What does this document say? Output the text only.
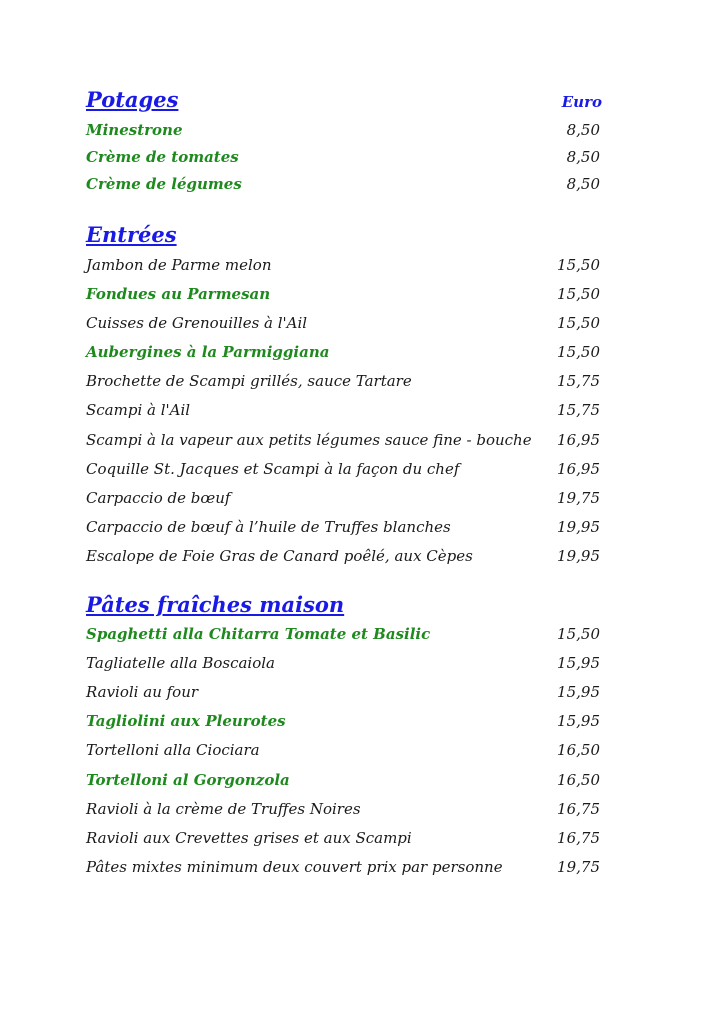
Potages	Euro
Minestrone	8,50
Crème de tomates	8,50
Crème de légumes	8,50
Entrées
Jambon de Parme melon	15,50
Fondues au Parmesan	15,50
Cuisses de Grenouilles à l'Ail	15,50
Aubergines à la Parmiggiana	15,50
Brochette de Scampi grillés, sauce Tartare	15,75
Scampi à l'Ail	15,75
Scampi à la vapeur aux petits légumes sauce fine - bouche	16,95
Coquille St. Jacques et Scampi à la façon du chef	16,95
Carpaccio de bœuf	19,75
Carpaccio de bœuf à l’huile de Truffes blanches	19,95
Escalope de Foie Gras de Canard poêlé, aux Cèpes	19,95
Pâtes fraîches maison
Spaghetti alla Chitarra Tomate et Basilic	15,50
Tagliatelle alla Boscaiola	15,95
Ravioli au four	15,95
Tagliolini aux Pleurotes	15,95
Tortelloni alla Ciociara	16,50
Tortelloni al Gorgonzola	16,50
Ravioli à la crème de Truffes Noires	16,75
Ravioli aux Crevettes grises et aux Scampi	16,75
Pâtes mixtes minimum deux couvert prix par personne	19,75
